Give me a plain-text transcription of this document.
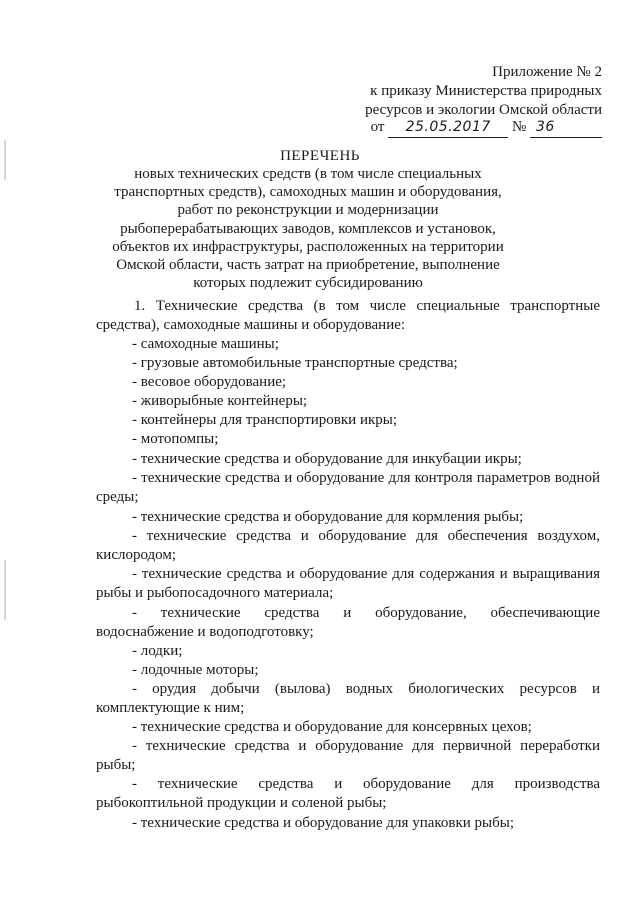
Приложение № 2
к приказу Министерства природных
ресурсов и экологии Омской области
от 25.05.2017 № 36
ПЕРЕЧЕНЬ
новых технических средств (в том числе специальных транспортных средств), самоходных машин и оборудования, работ по реконструкции и модернизации рыбоперерабатывающих заводов, комплексов и установок, объектов их инфраструктуры, расположенных на территории Омской области, часть затрат на приобретение, выполнение которых подлежит субсидированию
1. Технические средства (в том числе специальные транспортные
средства), самоходные машины и оборудование:
- самоходные машины;
- грузовые автомобильные транспортные средства;
- весовое оборудование;
- живорыбные контейнеры;
- контейнеры для транспортировки икры;
- мотопомпы;
- технические средства и оборудование для инкубации икры;
- технические средства и оборудование для контроля параметров водной
среды;
- технические средства и оборудование для кормления рыбы;
- технические средства и оборудование для обеспечения воздухом,
кислородом;
- технические средства и оборудование для содержания и выращивания
рыбы и рыбопосадочного материала;
- технические средства и оборудование, обеспечивающие
водоснабжение и водоподготовку;
- лодки;
- лодочные моторы;
- орудия добычи (вылова) водных биологических ресурсов и
комплектующие к ним;
- технические средства и оборудование для консервных цехов;
- технические средства и оборудование для первичной переработки
рыбы;
- технические средства и оборудование для производства
рыбокоптильной продукции и соленой рыбы;
- технические средства и оборудование для упаковки рыбы;
